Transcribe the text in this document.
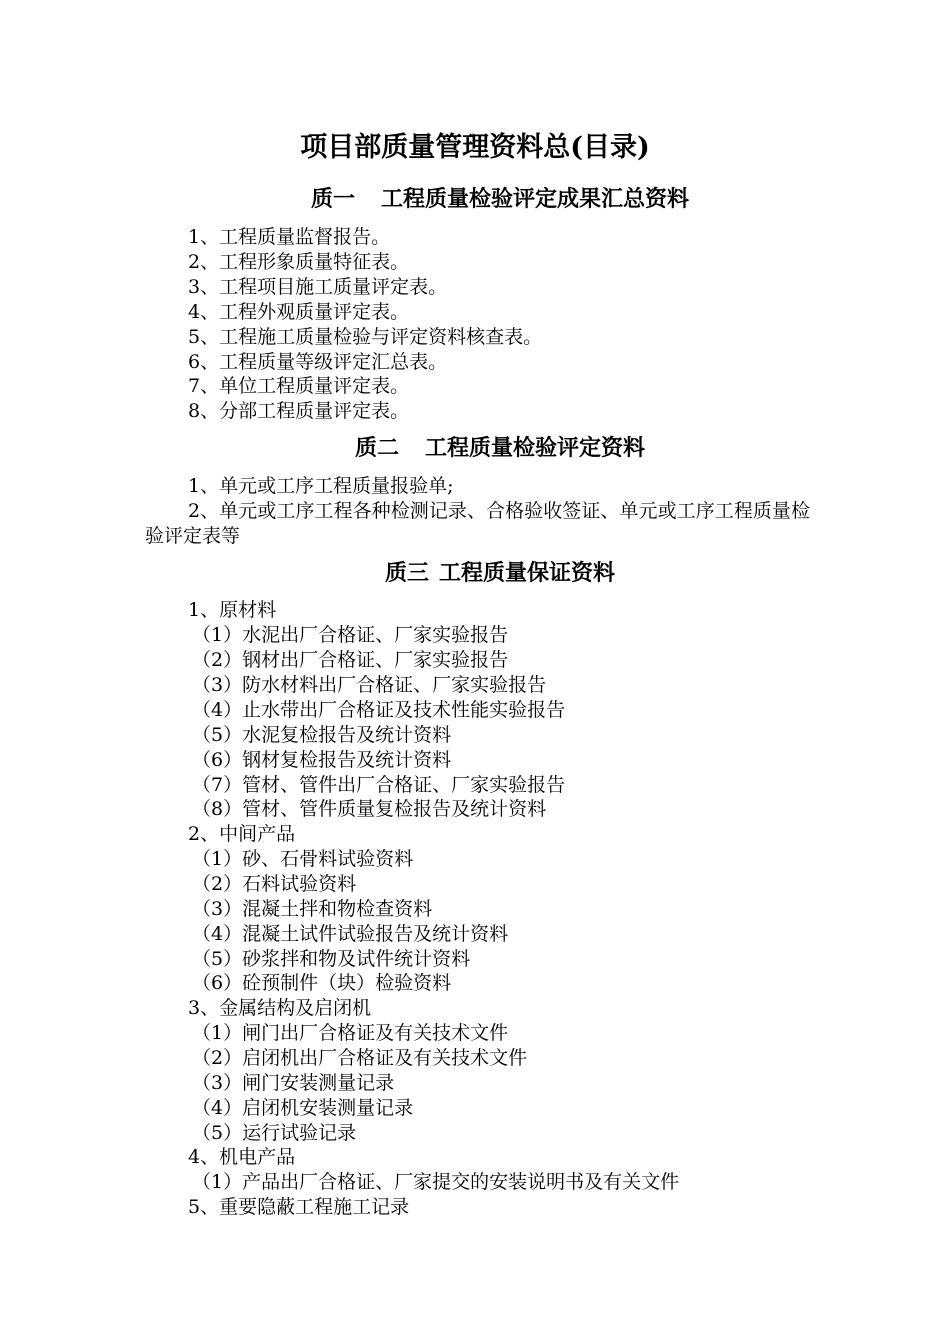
项目部质量管理资料总(目录)
质一 工程质量检验评定成果汇总资料
1、工程质量监督报告。
2、工程形象质量特征表。
3、工程项目施工质量评定表。
4、工程外观质量评定表。
5、工程施工质量检验与评定资料核查表。
6、工程质量等级评定汇总表。
7、单位工程质量评定表。
8、分部工程质量评定表。
质二 工程质量检验评定资料
1、单元或工序工程质量报验单;
2、单元或工序工程各种检测记录、合格验收签证、单元或工序工程质量检验评定表等
质三 工程质量保证资料
1、原材料
（1）水泥出厂合格证、厂家实验报告
（2）钢材出厂合格证、厂家实验报告
（3）防水材料出厂合格证、厂家实验报告
（4）止水带出厂合格证及技术性能实验报告
（5）水泥复检报告及统计资料
（6）钢材复检报告及统计资料
（7）管材、管件出厂合格证、厂家实验报告
（8）管材、管件质量复检报告及统计资料
2、中间产品
（1）砂、石骨料试验资料
（2）石料试验资料
（3）混凝土拌和物检查资料
（4）混凝土试件试验报告及统计资料
（5）砂浆拌和物及试件统计资料
（6）砼预制件（块）检验资料
3、金属结构及启闭机
（1）闸门出厂合格证及有关技术文件
（2）启闭机出厂合格证及有关技术文件
（3）闸门安装测量记录
（4）启闭机安装测量记录
（5）运行试验记录
4、机电产品
（1）产品出厂合格证、厂家提交的安装说明书及有关文件
5、重要隐蔽工程施工记录
